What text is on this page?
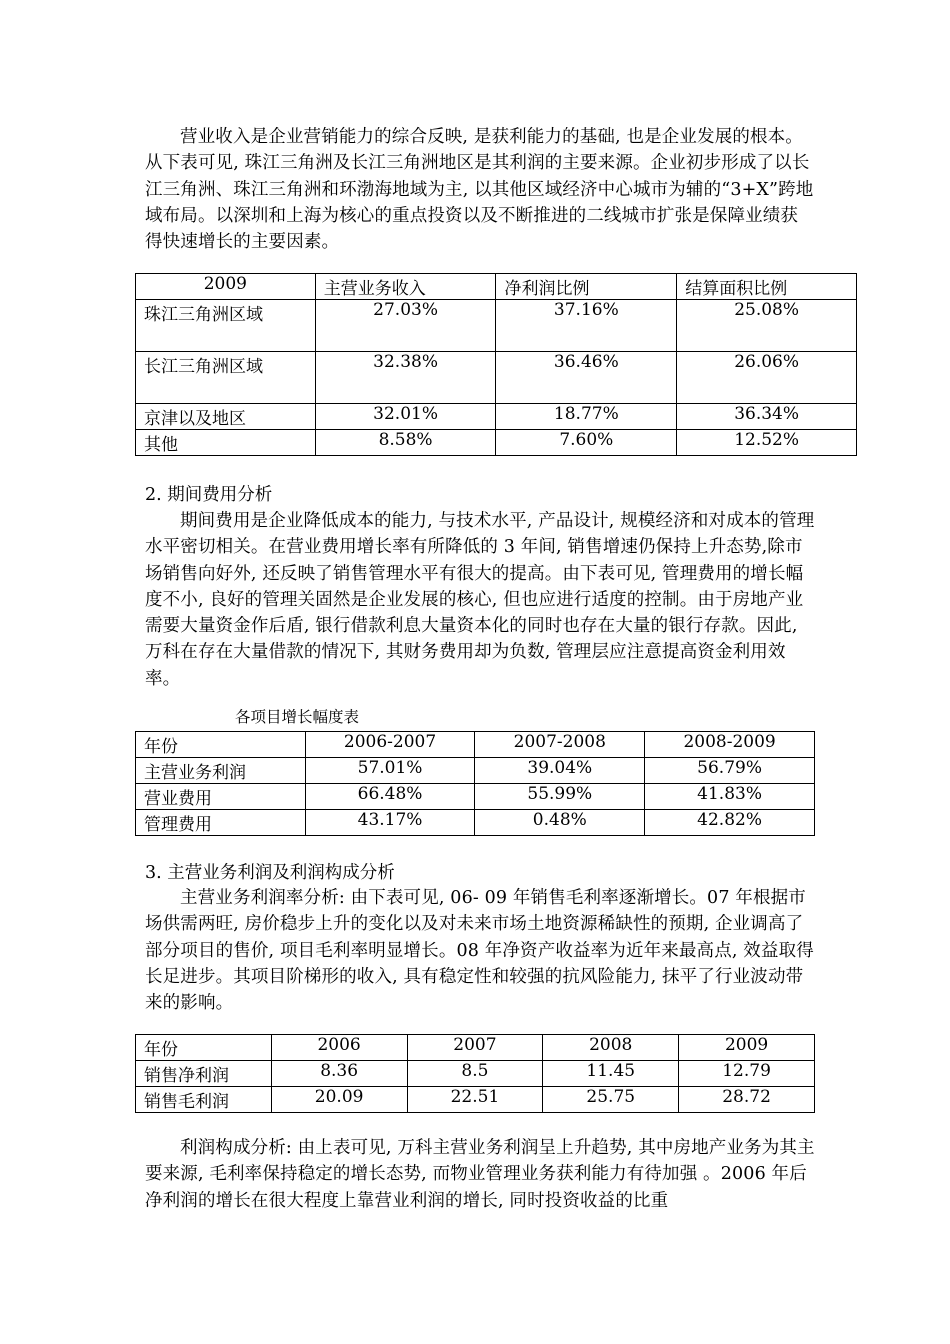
营业收入是企业营销能力的综合反映, 是获利能力的基础, 也是企业发展的根本。从下表可见, 珠江三角洲及长江三角洲地区是其利润的主要来源。企业初步形成了以长江三角洲、珠江三角洲和环渤海地域为主, 以其他区域经济中心城市为辅的“3+X”跨地域布局。以深圳和上海为核心的重点投资以及不断推进的二线城市扩张是保障业绩获得快速增长的主要因素。

2009	主营业务收入	净利润比例	结算面积比例
珠江三角洲区域	27.03%	37.16%	25.08%
长江三角洲区域	32.38%	36.46%	26.06%
京津以及地区	32.01%	18.77%	36.34%
其他	8.58%	7.60%	12.52%

2. 期间费用分析

期间费用是企业降低成本的能力, 与技术水平, 产品设计, 规模经济和对成本的管理水平密切相关。在营业费用增长率有所降低的 3 年间, 销售增速仍保持上升态势,除市场销售向好外, 还反映了销售管理水平有很大的提高。由下表可见, 管理费用的增长幅度不小, 良好的管理关固然是企业发展的核心, 但也应进行适度的控制。由于房地产业需要大量资金作后盾, 银行借款利息大量资本化的同时也存在大量的银行存款。因此, 万科在存在大量借款的情况下, 其财务费用却为负数, 管理层应注意提高资金利用效率。

各项目增长幅度表
年份	2006-2007	2007-2008	2008-2009
主营业务利润	57.01%	39.04%	56.79%
营业费用	66.48%	55.99%	41.83%
管理费用	43.17%	0.48%	42.82%

3. 主营业务利润及利润构成分析

主营业务利润率分析: 由下表可见, 06- 09 年销售毛利率逐渐增长。07 年根据市场供需两旺, 房价稳步上升的变化以及对未来市场土地资源稀缺性的预期, 企业调高了部分项目的售价, 项目毛利率明显增长。08 年净资产收益率为近年来最高点, 效益取得长足进步。其项目阶梯形的收入, 具有稳定性和较强的抗风险能力, 抹平了行业波动带来的影响。

年份	2006	2007	2008	2009
销售净利润	8.36	8.5	11.45	12.79
销售毛利润	20.09	22.51	25.75	28.72

利润构成分析: 由上表可见, 万科主营业务利润呈上升趋势, 其中房地产业务为其主要来源, 毛利率保持稳定的增长态势, 而物业管理业务获利能力有待加强 。2006 年后净利润的增长在很大程度上靠营业利润的增长, 同时投资收益的比重
